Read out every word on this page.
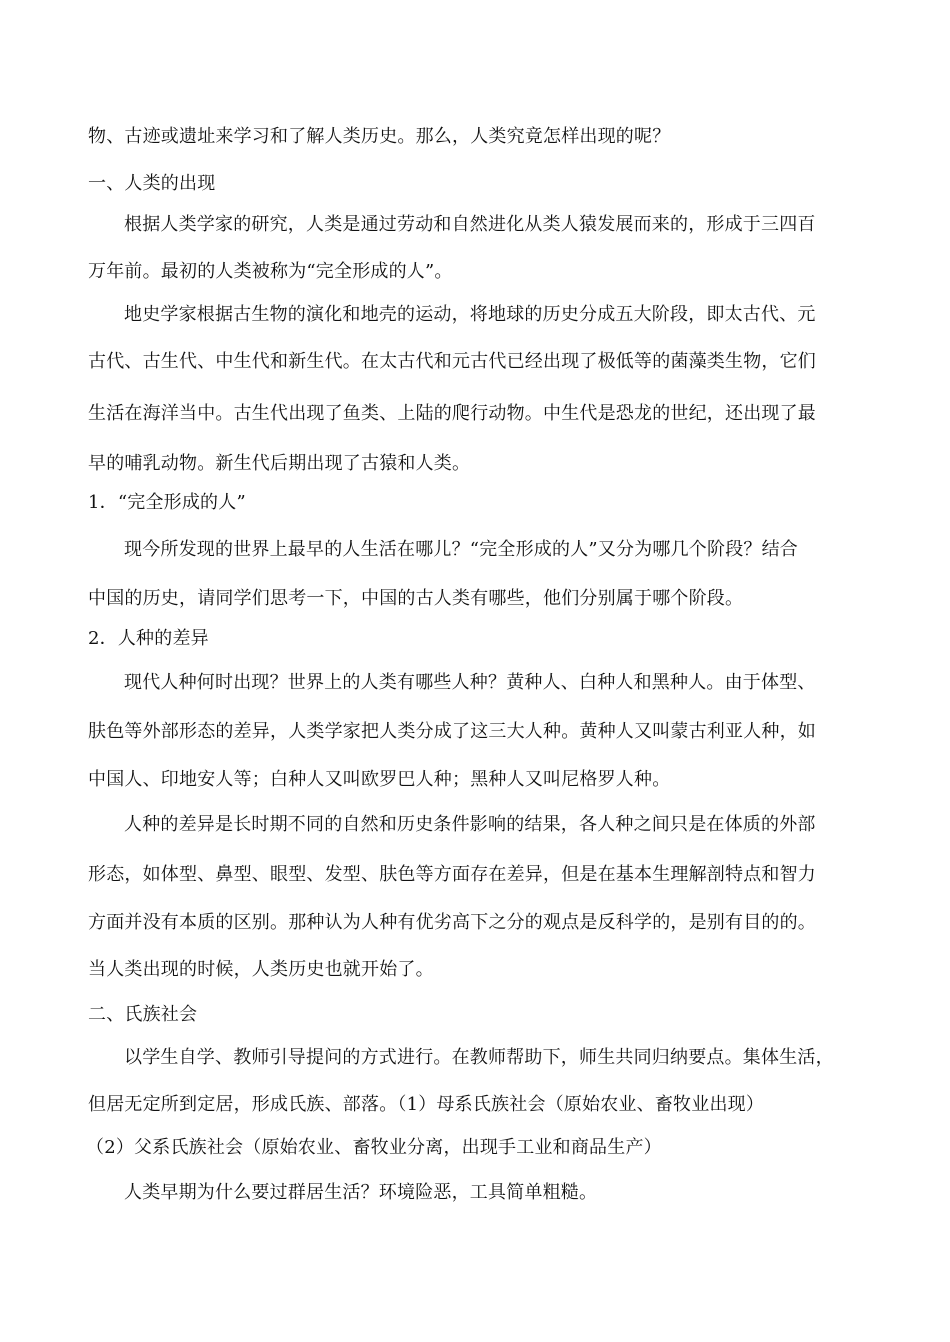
物、古迹或遗址来学习和了解人类历史。那么，人类究竟怎样出现的呢？
一、人类的出现
根据人类学家的研究，人类是通过劳动和自然进化从类人猿发展而来的，形成于三四百
万年前。最初的人类被称为“完全形成的人”。
地史学家根据古生物的演化和地壳的运动，将地球的历史分成五大阶段，即太古代、元
古代、古生代、中生代和新生代。在太古代和元古代已经出现了极低等的菌藻类生物，它们
生活在海洋当中。古生代出现了鱼类、上陆的爬行动物。中生代是恐龙的世纪，还出现了最
早的哺乳动物。新生代后期出现了古猿和人类。
1．“完全形成的人”
现今所发现的世界上最早的人生活在哪儿？“完全形成的人”又分为哪几个阶段？结合
中国的历史，请同学们思考一下，中国的古人类有哪些，他们分别属于哪个阶段。
2．人种的差异
现代人种何时出现？世界上的人类有哪些人种？黄种人、白种人和黑种人。由于体型、
肤色等外部形态的差异，人类学家把人类分成了这三大人种。黄种人又叫蒙古利亚人种，如
中国人、印地安人等；白种人又叫欧罗巴人种；黑种人又叫尼格罗人种。
人种的差异是长时期不同的自然和历史条件影响的结果，各人种之间只是在体质的外部
形态，如体型、鼻型、眼型、发型、肤色等方面存在差异，但是在基本生理解剖特点和智力
方面并没有本质的区别。那种认为人种有优劣高下之分的观点是反科学的，是别有目的的。
当人类出现的时候，人类历史也就开始了。
二、氏族社会
以学生自学、教师引导提问的方式进行。在教师帮助下，师生共同归纳要点。集体生活，
但居无定所到定居，形成氏族、部落。（1）母系氏族社会（原始农业、畜牧业出现）
（2）父系氏族社会（原始农业、畜牧业分离，出现手工业和商品生产）
人类早期为什么要过群居生活？环境险恶，工具简单粗糙。
